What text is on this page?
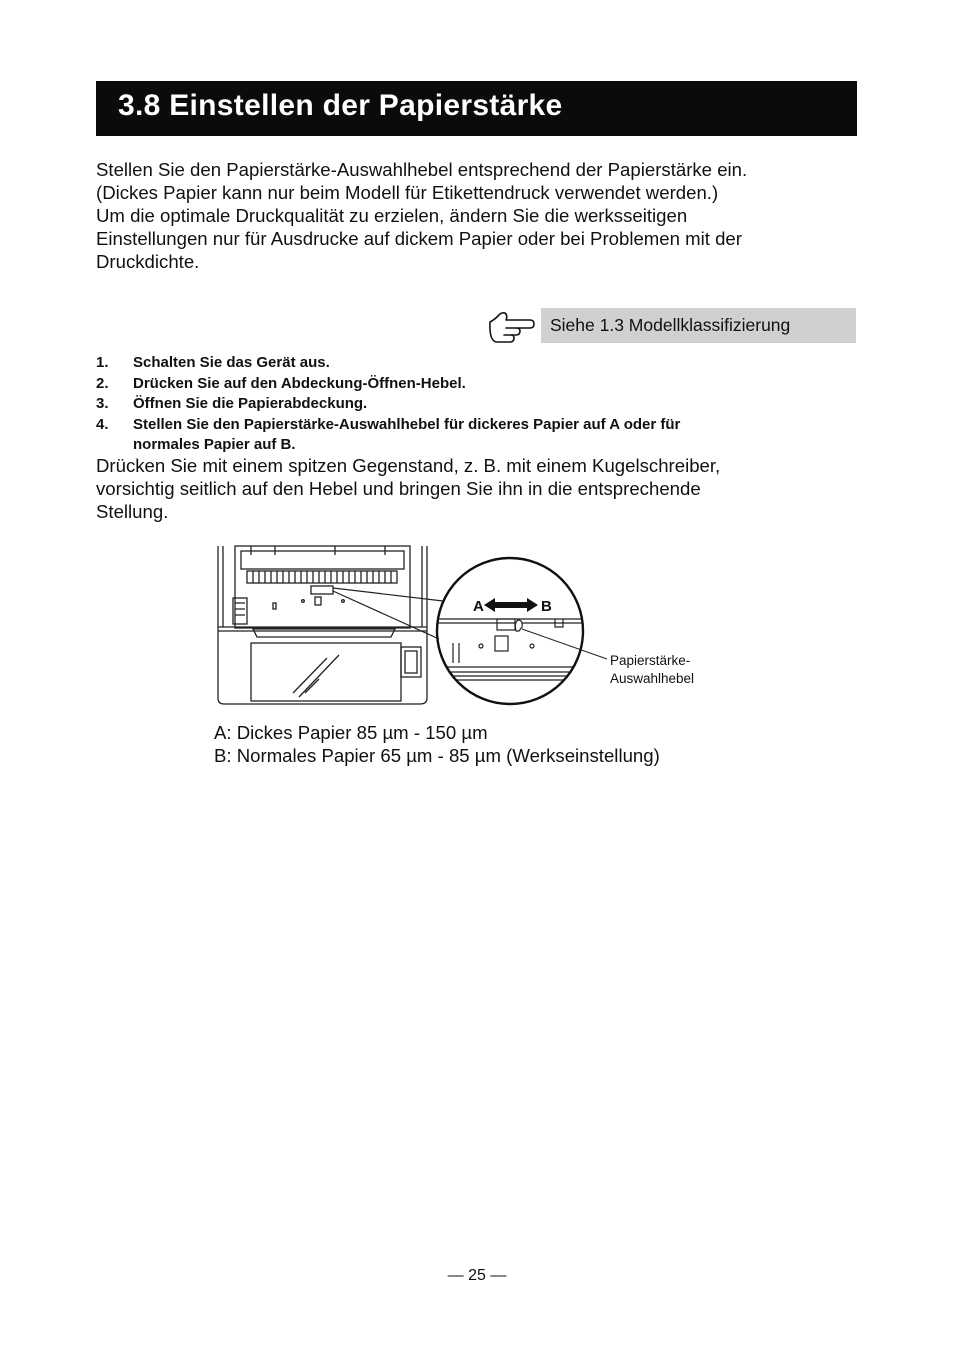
3.8 Einstellen der Papierstärke
Stellen Sie den Papierstärke-Auswahlhebel entsprechend der Papierstärke ein.
(Dickes Papier kann nur beim Modell für Etikettendruck verwendet werden.)
Um die optimale Druckqualität zu erzielen, ändern Sie die werksseitigen
Einstellungen nur für Ausdrucke auf dickem Papier oder bei Problemen mit der
Druckdichte.
Siehe 1.3 Modellklassifizierung
1. Schalten Sie das Gerät aus.
2. Drücken Sie auf den Abdeckung-Öffnen-Hebel.
3. Öffnen Sie die Papierabdeckung.
4. Stellen Sie den Papierstärke-Auswahlhebel für dickeres Papier auf A oder für
normales Papier auf B.
Drücken Sie mit einem spitzen Gegenstand, z. B. mit einem Kugelschreiber,
vorsichtig seitlich auf den Hebel und bringen Sie ihn in die entsprechende
Stellung.
A	B
Papierstärke-
Auswahlhebel
A: Dickes Papier 85 µm - 150 µm
B: Normales Papier 65 µm - 85 µm (Werkseinstellung)
— 25 —
